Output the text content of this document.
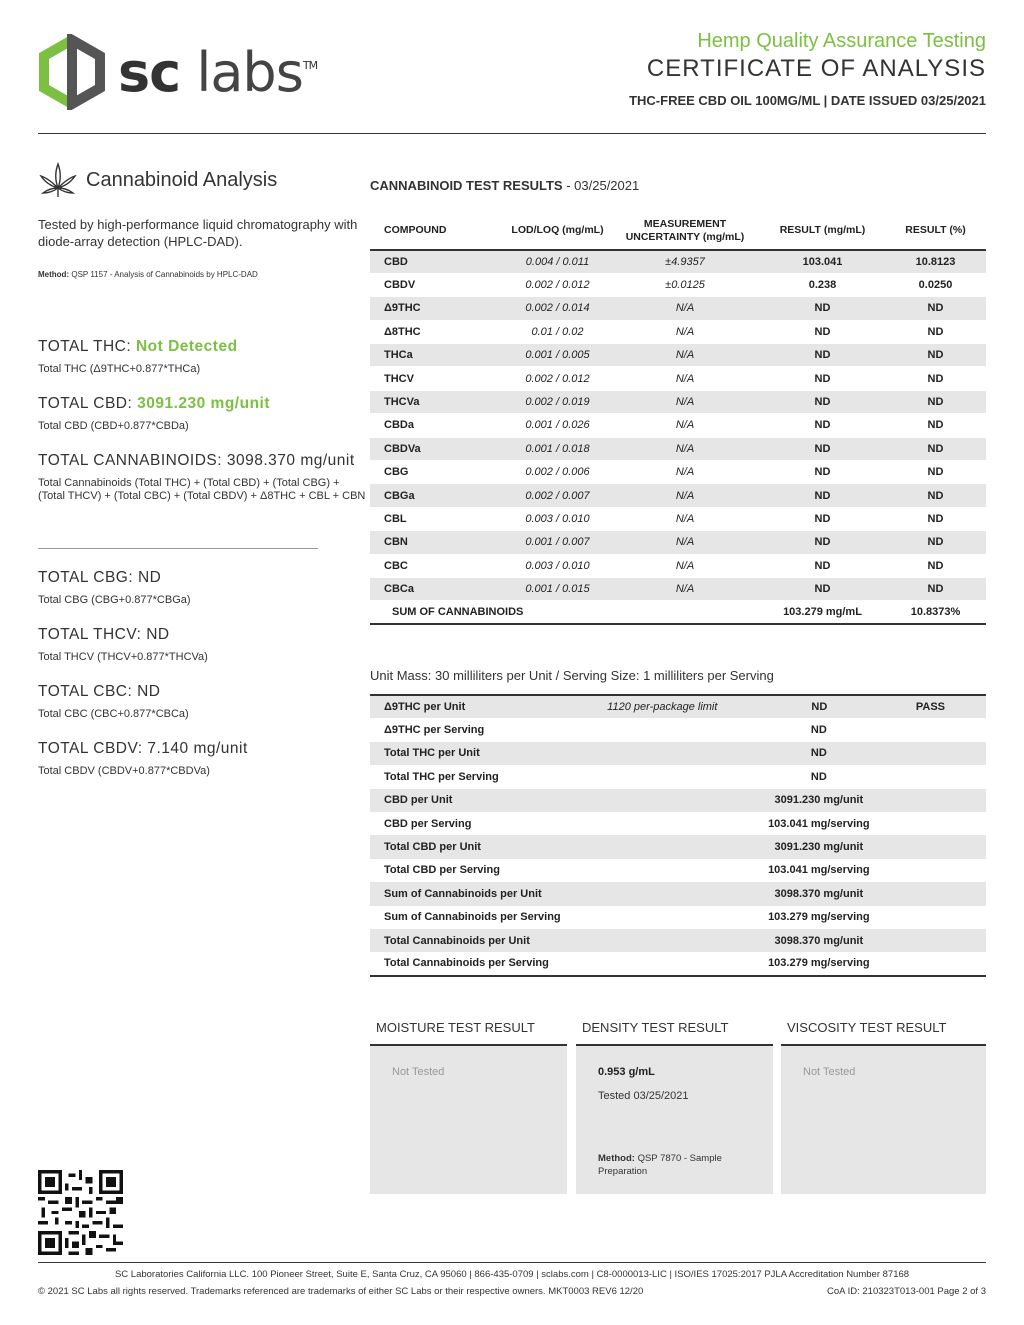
sc labs™
Hemp Quality Assurance Testing
CERTIFICATE OF ANALYSIS
THC-FREE CBD OIL 100MG/ML | DATE ISSUED 03/25/2021
Cannabinoid Analysis
Tested by high-performance liquid chromatography with diode-array detection (HPLC-DAD).
Method: QSP 1157 - Analysis of Cannabinoids by HPLC-DAD
TOTAL THC: Not Detected
Total THC (Δ9THC+0.877*THCa)
TOTAL CBD: 3091.230 mg/unit
Total CBD (CBD+0.877*CBDa)
TOTAL CANNABINOIDS: 3098.370 mg/unit
Total Cannabinoids (Total THC) + (Total CBD) + (Total CBG) + (Total THCV) + (Total CBC) + (Total CBDV) + Δ8THC + CBL + CBN
TOTAL CBG: ND
Total CBG (CBG+0.877*CBGa)
TOTAL THCV: ND
Total THCV (THCV+0.877*THCVa)
TOTAL CBC: ND
Total CBC (CBC+0.877*CBCa)
TOTAL CBDV: 7.140 mg/unit
Total CBDV (CBDV+0.877*CBDVa)
CANNABINOID TEST RESULTS - 03/25/2021
COMPOUND	LOD/LOQ (mg/mL)	MEASUREMENT UNCERTAINTY (mg/mL)	RESULT (mg/mL)	RESULT (%)
CBD	0.004 / 0.011	±4.9357	103.041	10.8123
CBDV	0.002 / 0.012	±0.0125	0.238	0.0250
Δ9THC	0.002 / 0.014	N/A	ND	ND
Δ8THC	0.01 / 0.02	N/A	ND	ND
THCa	0.001 / 0.005	N/A	ND	ND
THCV	0.002 / 0.012	N/A	ND	ND
THCVa	0.002 / 0.019	N/A	ND	ND
CBDa	0.001 / 0.026	N/A	ND	ND
CBDVa	0.001 / 0.018	N/A	ND	ND
CBG	0.002 / 0.006	N/A	ND	ND
CBGa	0.002 / 0.007	N/A	ND	ND
CBL	0.003 / 0.010	N/A	ND	ND
CBN	0.001 / 0.007	N/A	ND	ND
CBC	0.003 / 0.010	N/A	ND	ND
CBCa	0.001 / 0.015	N/A	ND	ND
SUM OF CANNABINOIDS			103.279 mg/mL	10.8373%
Unit Mass: 30 milliliters per Unit / Serving Size: 1 milliliters per Serving
Δ9THC per Unit	1120 per-package limit	ND	PASS
Δ9THC per Serving		ND
Total THC per Unit		ND
Total THC per Serving		ND
CBD per Unit		3091.230 mg/unit
CBD per Serving		103.041 mg/serving
Total CBD per Unit		3091.230 mg/unit
Total CBD per Serving		103.041 mg/serving
Sum of Cannabinoids per Unit		3098.370 mg/unit
Sum of Cannabinoids per Serving		103.279 mg/serving
Total Cannabinoids per Unit		3098.370 mg/unit
Total Cannabinoids per Serving		103.279 mg/serving
MOISTURE TEST RESULT
Not Tested
DENSITY TEST RESULT
0.953 g/mL
Tested 03/25/2021
Method: QSP 7870 - Sample Preparation
VISCOSITY TEST RESULT
Not Tested
SC Laboratories California LLC. 100 Pioneer Street, Suite E, Santa Cruz, CA 95060 | 866-435-0709 | sclabs.com | C8-0000013-LIC | ISO/IES 17025:2017 PJLA Accreditation Number 87168
© 2021 SC Labs all rights reserved. Trademarks referenced are trademarks of either SC Labs or their respective owners. MKT0003 REV6 12/20	CoA ID: 210323T013-001 Page 2 of 3
